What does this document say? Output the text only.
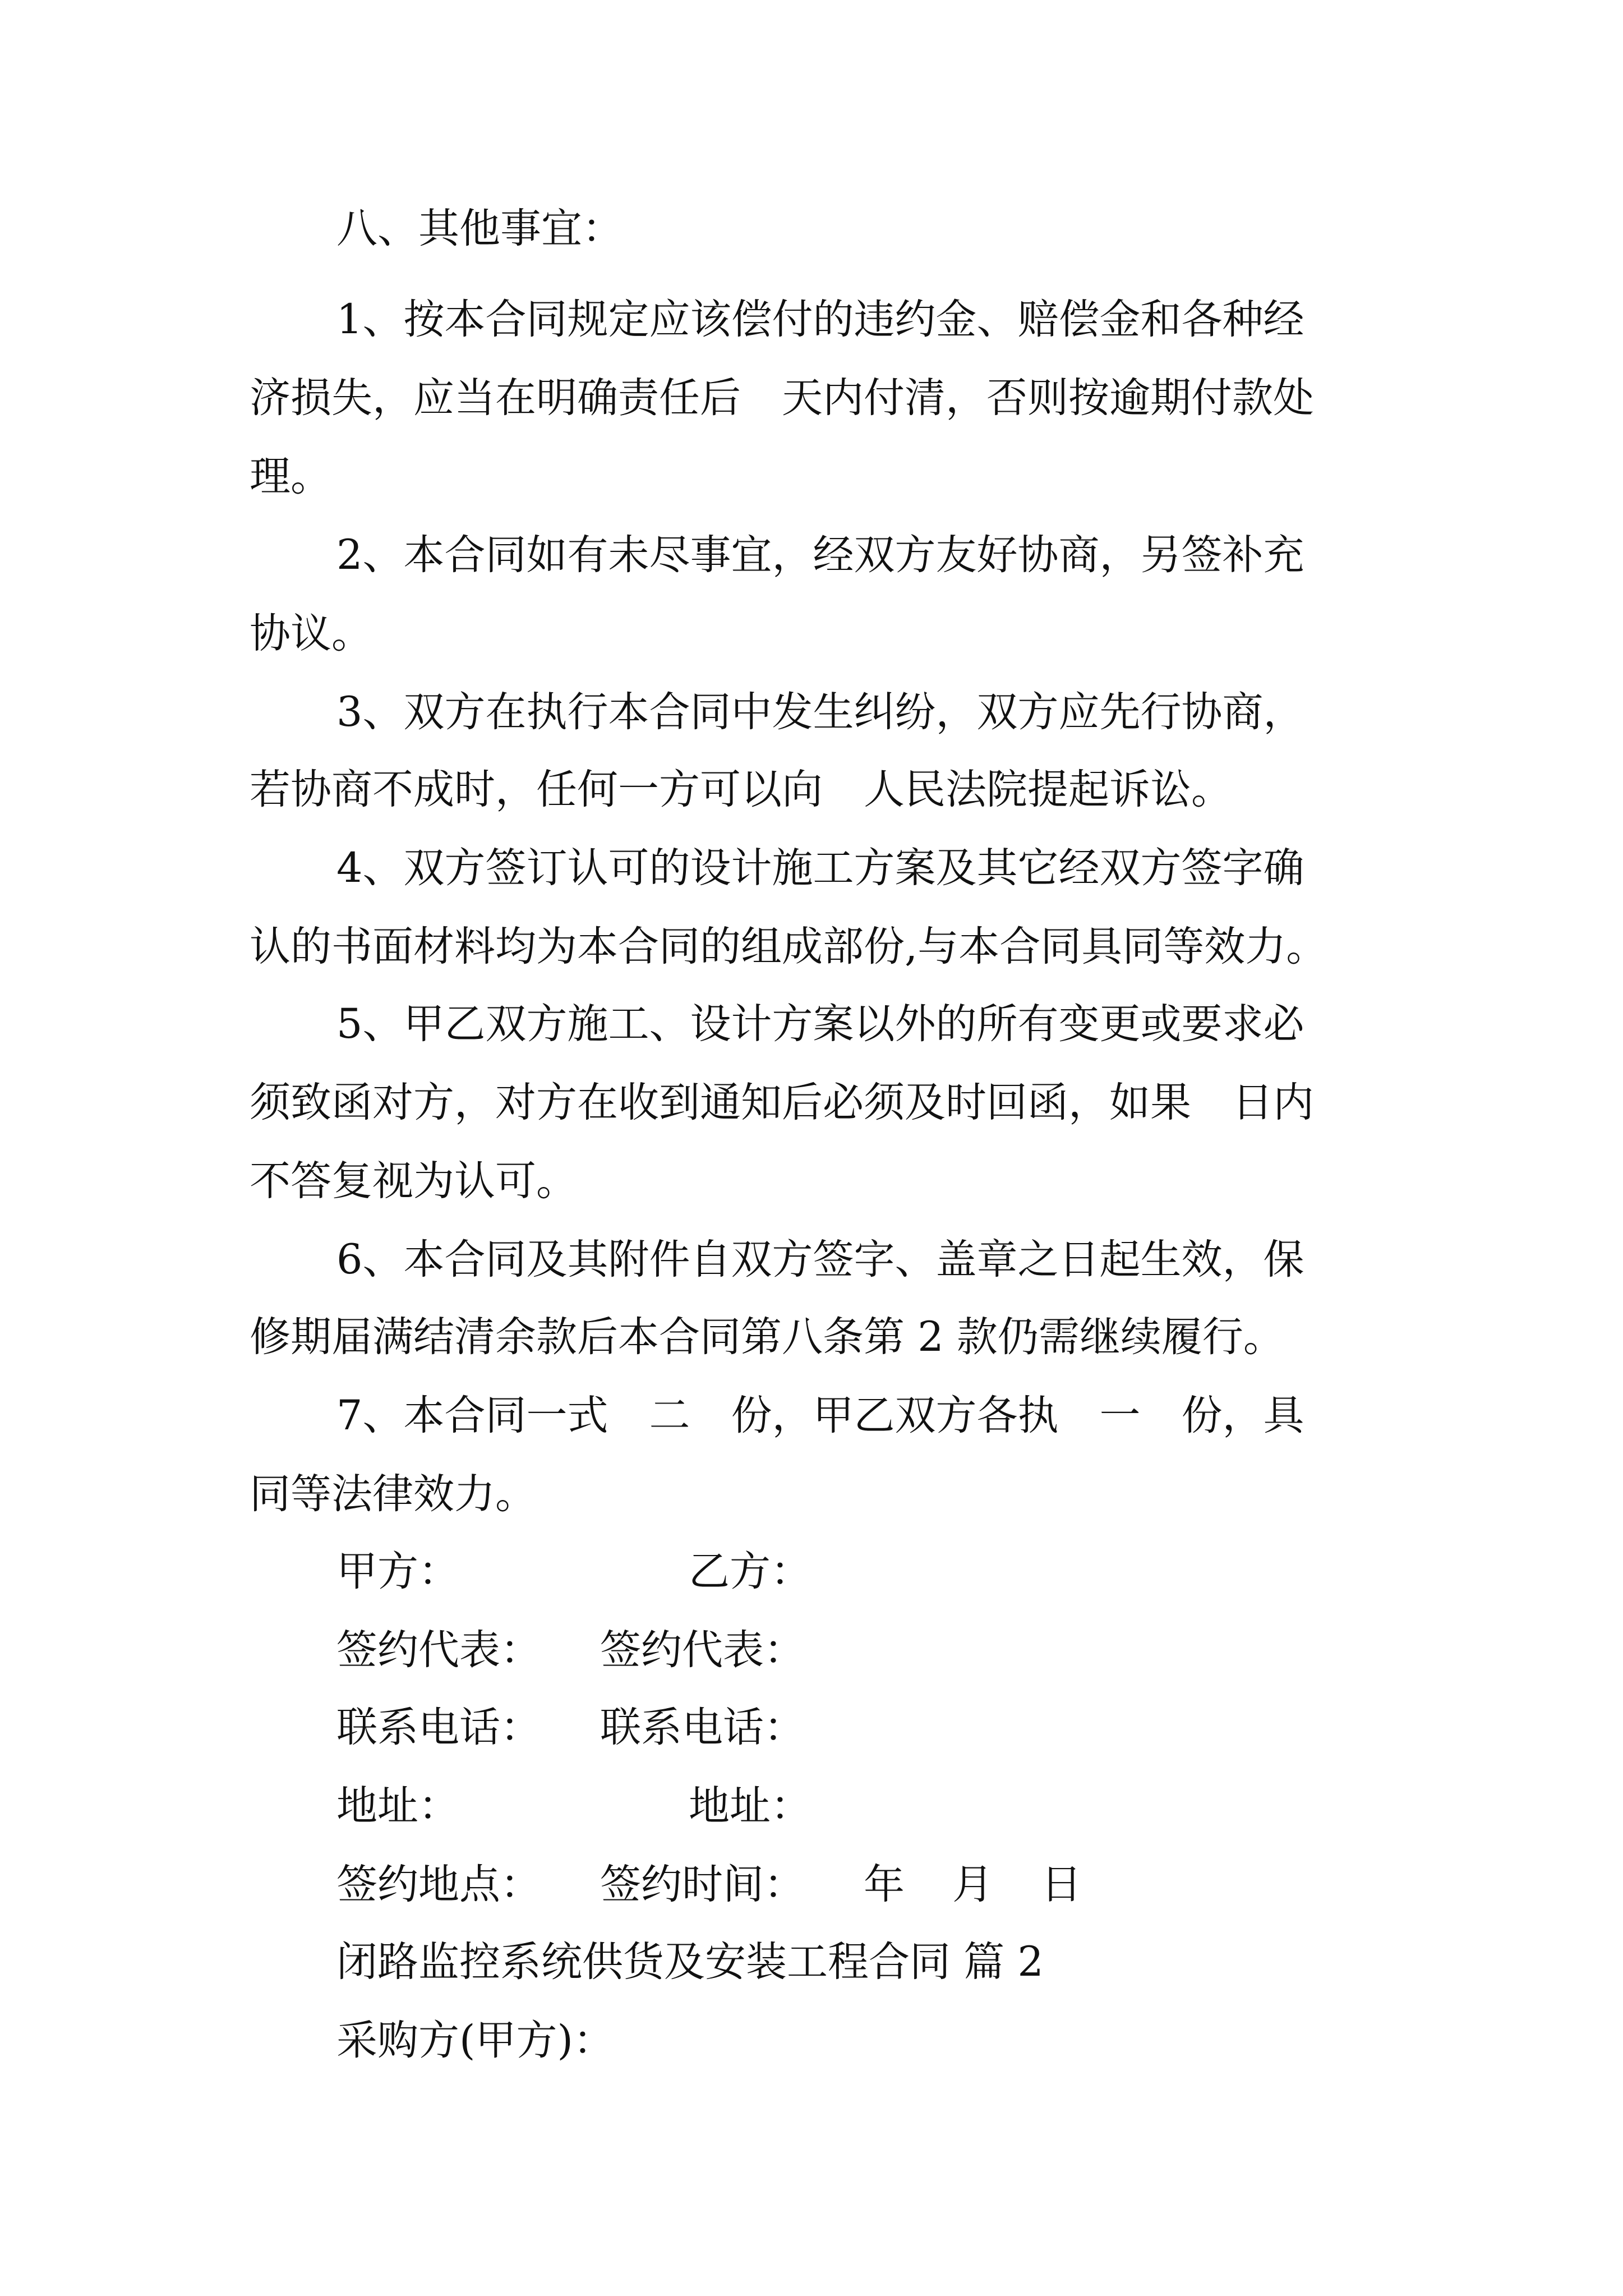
八、其他事宜：
1、按本合同规定应该偿付的违约金、赔偿金和各种经
济损失，应当在明确责任后　天内付清，否则按逾期付款处
理。
2、本合同如有未尽事宜，经双方友好协商，另签补充
协议。
3、双方在执行本合同中发生纠纷，双方应先行协商，
若协商不成时，任何一方可以向　人民法院提起诉讼。
4、双方签订认可的设计施工方案及其它经双方签字确
认的书面材料均为本合同的组成部份,与本合同具同等效力。
5、甲乙双方施工、设计方案以外的所有变更或要求必
须致函对方，对方在收到通知后必须及时回函，如果　日内
不答复视为认可。
6、本合同及其附件自双方签字、盖章之日起生效，保
修期届满结清余款后本合同第八条第 2 款仍需继续履行。
7、本合同一式　二　份，甲乙双方各执　一　份，具
同等法律效力。
甲方：	乙方：
签约代表： 签约代表：
联系电话： 联系电话：
地址：	地址：
签约地点： 签约时间： 年 月 日
闭路监控系统供货及安装工程合同 篇 2
采购方(甲方)：
